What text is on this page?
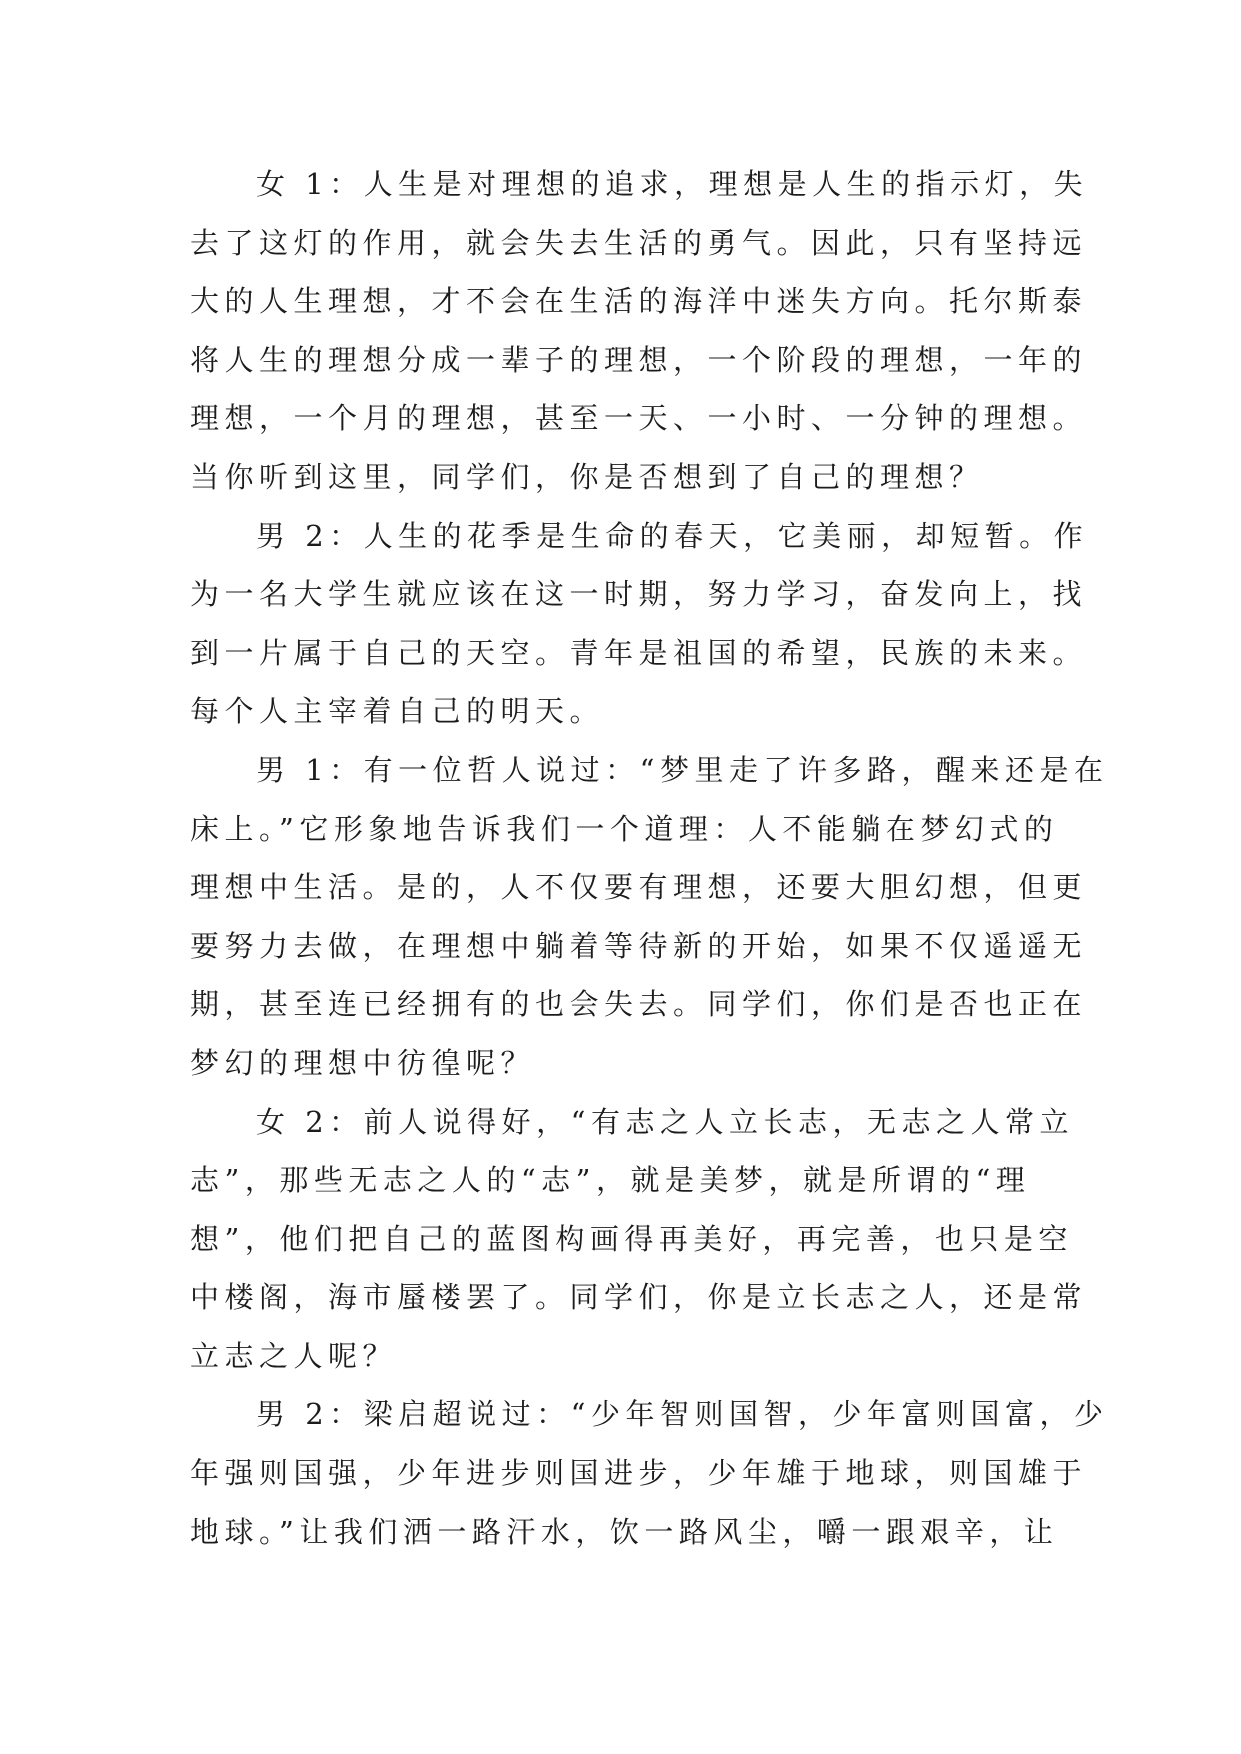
女 1：人生是对理想的追求，理想是人生的指示灯，失
去了这灯的作用，就会失去生活的勇气。因此，只有坚持远
大的人生理想，才不会在生活的海洋中迷失方向。托尔斯泰
将人生的理想分成一辈子的理想，一个阶段的理想，一年的
理想，一个月的理想，甚至一天、一小时、一分钟的理想。
当你听到这里，同学们，你是否想到了自己的理想？

男 2：人生的花季是生命的春天，它美丽，却短暂。作
为一名大学生就应该在这一时期，努力学习，奋发向上，找
到一片属于自己的天空。青年是祖国的希望，民族的未来。
每个人主宰着自己的明天。

男 1：有一位哲人说过：“梦里走了许多路，醒来还是在
床上。”它形象地告诉我们一个道理：人不能躺在梦幻式的
理想中生活。是的，人不仅要有理想，还要大胆幻想，但更
要努力去做，在理想中躺着等待新的开始，如果不仅遥遥无
期，甚至连已经拥有的也会失去。同学们，你们是否也正在
梦幻的理想中彷徨呢？

女 2：前人说得好，“有志之人立长志，无志之人常立
志”，那些无志之人的“志”，就是美梦，就是所谓的“理
想”，他们把自己的蓝图构画得再美好，再完善，也只是空
中楼阁，海市蜃楼罢了。同学们，你是立长志之人，还是常
立志之人呢？

男 2：梁启超说过：“少年智则国智，少年富则国富，少
年强则国强，少年进步则国进步，少年雄于地球，则国雄于
地球。”让我们洒一路汗水，饮一路风尘，嚼一跟艰辛，让
